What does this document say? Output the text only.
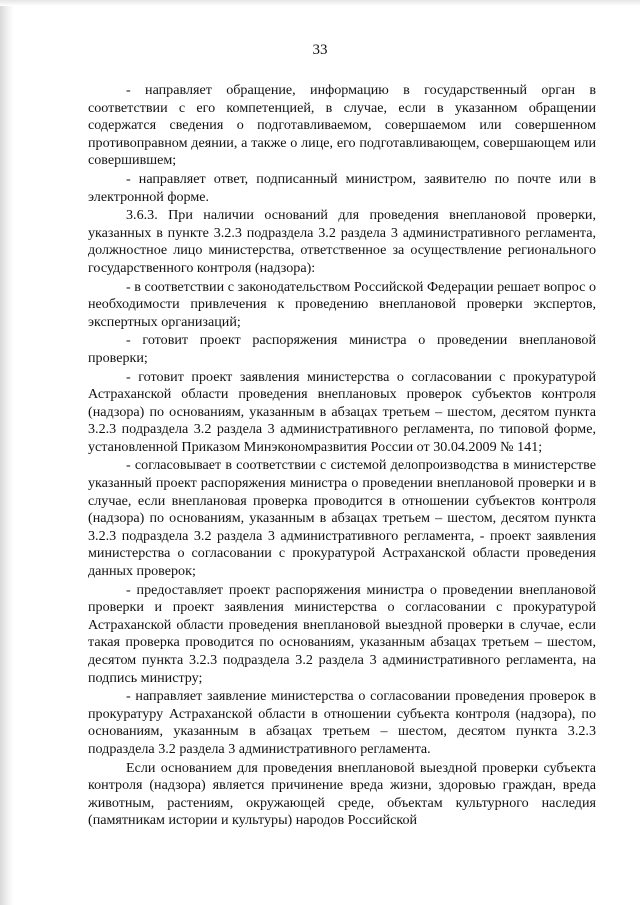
33

- направляет обращение, информацию в государственный орган в соответствии с его компетенцией, в случае, если в указанном обращении содержатся сведения о подготавливаемом, совершаемом или совершенном противоправном деянии, а также о лице, его подготавливающем, совершающем или совершившем;

- направляет ответ, подписанный министром, заявителю по почте или в электронной форме.

3.6.3. При наличии оснований для проведения внеплановой проверки, указанных в пункте 3.2.3 подраздела 3.2 раздела 3 административного регламента, должностное лицо министерства, ответственное за осуществление регионального государственного контроля (надзора):

- в соответствии с законодательством Российской Федерации решает вопрос о необходимости привлечения к проведению внеплановой проверки экспертов, экспертных организаций;

- готовит проект распоряжения министра о проведении внеплановой проверки;

- готовит проект заявления министерства о согласовании с прокуратурой Астраханской области проведения внеплановых проверок субъектов контроля (надзора) по основаниям, указанным в абзацах третьем – шестом, десятом пункта 3.2.3 подраздела 3.2 раздела 3 административного регламента, по типовой форме, установленной Приказом Минэкономразвития России от 30.04.2009 № 141;

- согласовывает в соответствии с системой делопроизводства в министерстве указанный проект распоряжения министра о проведении внеплановой проверки и в случае, если внеплановая проверка проводится в отношении субъектов контроля (надзора) по основаниям, указанным в абзацах третьем – шестом, десятом пункта 3.2.3 подраздела 3.2 раздела 3 административного регламента, - проект заявления министерства о согласовании с прокуратурой Астраханской области проведения данных проверок;

- предоставляет проект распоряжения министра о проведении внеплановой проверки и проект заявления министерства о согласовании с прокуратурой Астраханской области проведения внеплановой выездной проверки в случае, если такая проверка проводится по основаниям, указанным абзацах третьем – шестом, десятом пункта 3.2.3 подраздела 3.2 раздела 3 административного регламента, на подпись министру;

- направляет заявление министерства о согласовании проведения проверок в прокуратуру Астраханской области в отношении субъекта контроля (надзора), по основаниям, указанным в абзацах третьем – шестом, десятом пункта 3.2.3 подраздела 3.2 раздела 3 административного регламента.

Если основанием для проведения внеплановой выездной проверки субъекта контроля (надзора) является причинение вреда жизни, здоровью граждан, вреда животным, растениям, окружающей среде, объектам культурного наследия (памятникам истории и культуры) народов Российской
